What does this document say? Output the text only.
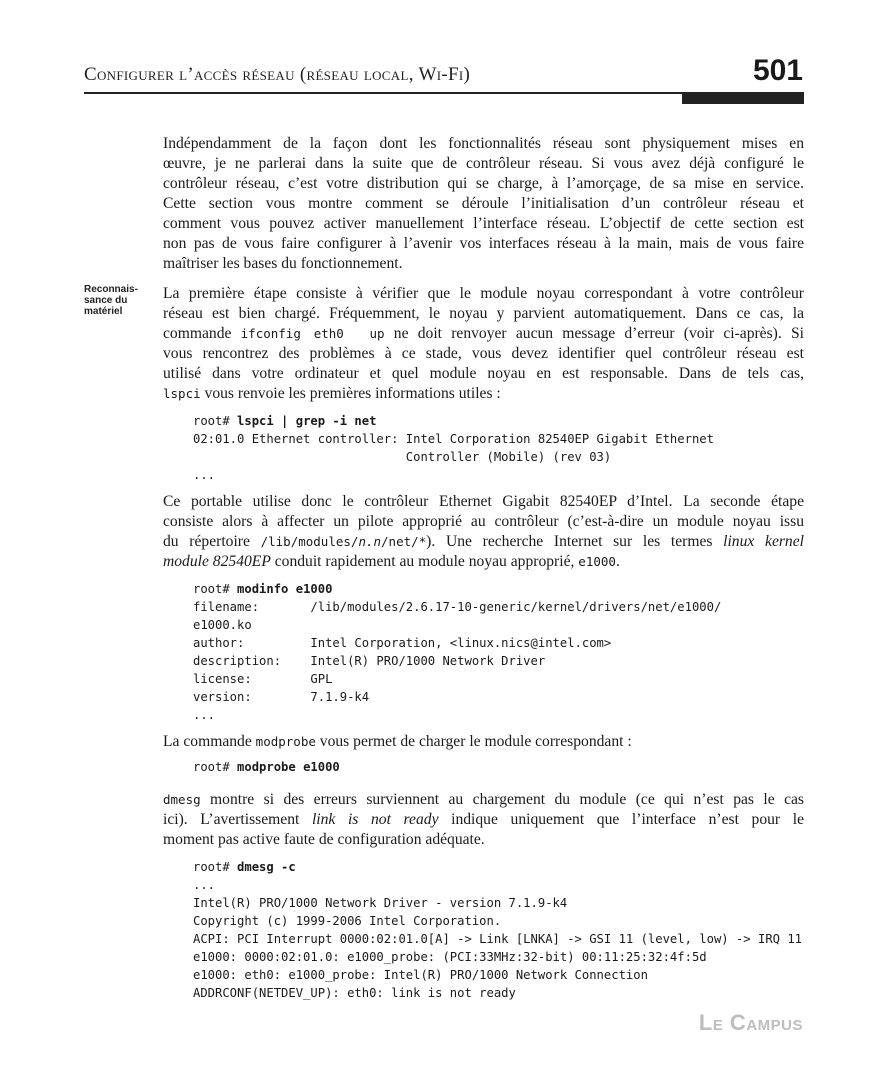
Configurer l’accès réseau (réseau local, Wi-Fi)	501
Reconnais-
sance du
matériel

Indépendamment de la façon dont les fonctionnalités réseau sont physiquement mises en
œuvre, je ne parlerai dans la suite que de contrôleur réseau. Si vous avez déjà configuré le
contrôleur réseau, c’est votre distribution qui se charge, à l’amorçage, de sa mise en service.
Cette section vous montre comment se déroule l’initialisation d’un contrôleur réseau et
comment vous pouvez activer manuellement l’interface réseau. L’objectif de cette section est
non pas de vous faire configurer à l’avenir vos interfaces réseau à la main, mais de vous faire
maîtriser les bases du fonctionnement.

La première étape consiste à vérifier que le module noyau correspondant à votre contrôleur
réseau est bien chargé. Fréquemment, le noyau y parvient automatiquement. Dans ce cas, la
commande ifconfig eth0  up ne doit renvoyer aucun message d’erreur (voir ci-après). Si
vous rencontrez des problèmes à ce stade, vous devez identifier quel contrôleur réseau est
utilisé dans votre ordinateur et quel module noyau en est responsable. Dans de tels cas,
lspci vous renvoie les premières informations utiles :

root# lspci | grep -i net
02:01.0 Ethernet controller: Intel Corporation 82540EP Gigabit Ethernet
Controller (Mobile) (rev 03)
...

Ce portable utilise donc le contrôleur Ethernet Gigabit 82540EP d’Intel. La seconde étape
consiste alors à affecter un pilote approprié au contrôleur (c’est-à-dire un module noyau issu
du répertoire /lib/modules/n.n/net/*). Une recherche Internet sur les termes linux kernel
module 82540EP conduit rapidement au module noyau approprié, e1000.

root# modinfo e1000
filename:       /lib/modules/2.6.17-10-generic/kernel/drivers/net/e1000/
e1000.ko
author:         Intel Corporation, <linux.nics@intel.com>
description:    Intel(R) PRO/1000 Network Driver
license:        GPL
version:        7.1.9-k4
...

La commande modprobe vous permet de charger le module correspondant :

root# modprobe e1000

dmesg montre si des erreurs surviennent au chargement du module (ce qui n’est pas le cas
ici). L’avertissement link is not ready indique uniquement que l’interface n’est pour le
moment pas active faute de configuration adéquate.

root# dmesg -c
...
Intel(R) PRO/1000 Network Driver - version 7.1.9-k4
Copyright (c) 1999-2006 Intel Corporation.
ACPI: PCI Interrupt 0000:02:01.0[A] -> Link [LNKA] -> GSI 11 (level, low) -> IRQ 11
e1000: 0000:02:01.0: e1000_probe: (PCI:33MHz:32-bit) 00:11:25:32:4f:5d
e1000: eth0: e1000_probe: Intel(R) PRO/1000 Network Connection
ADDRCONF(NETDEV_UP): eth0: link is not ready
Le Campus
